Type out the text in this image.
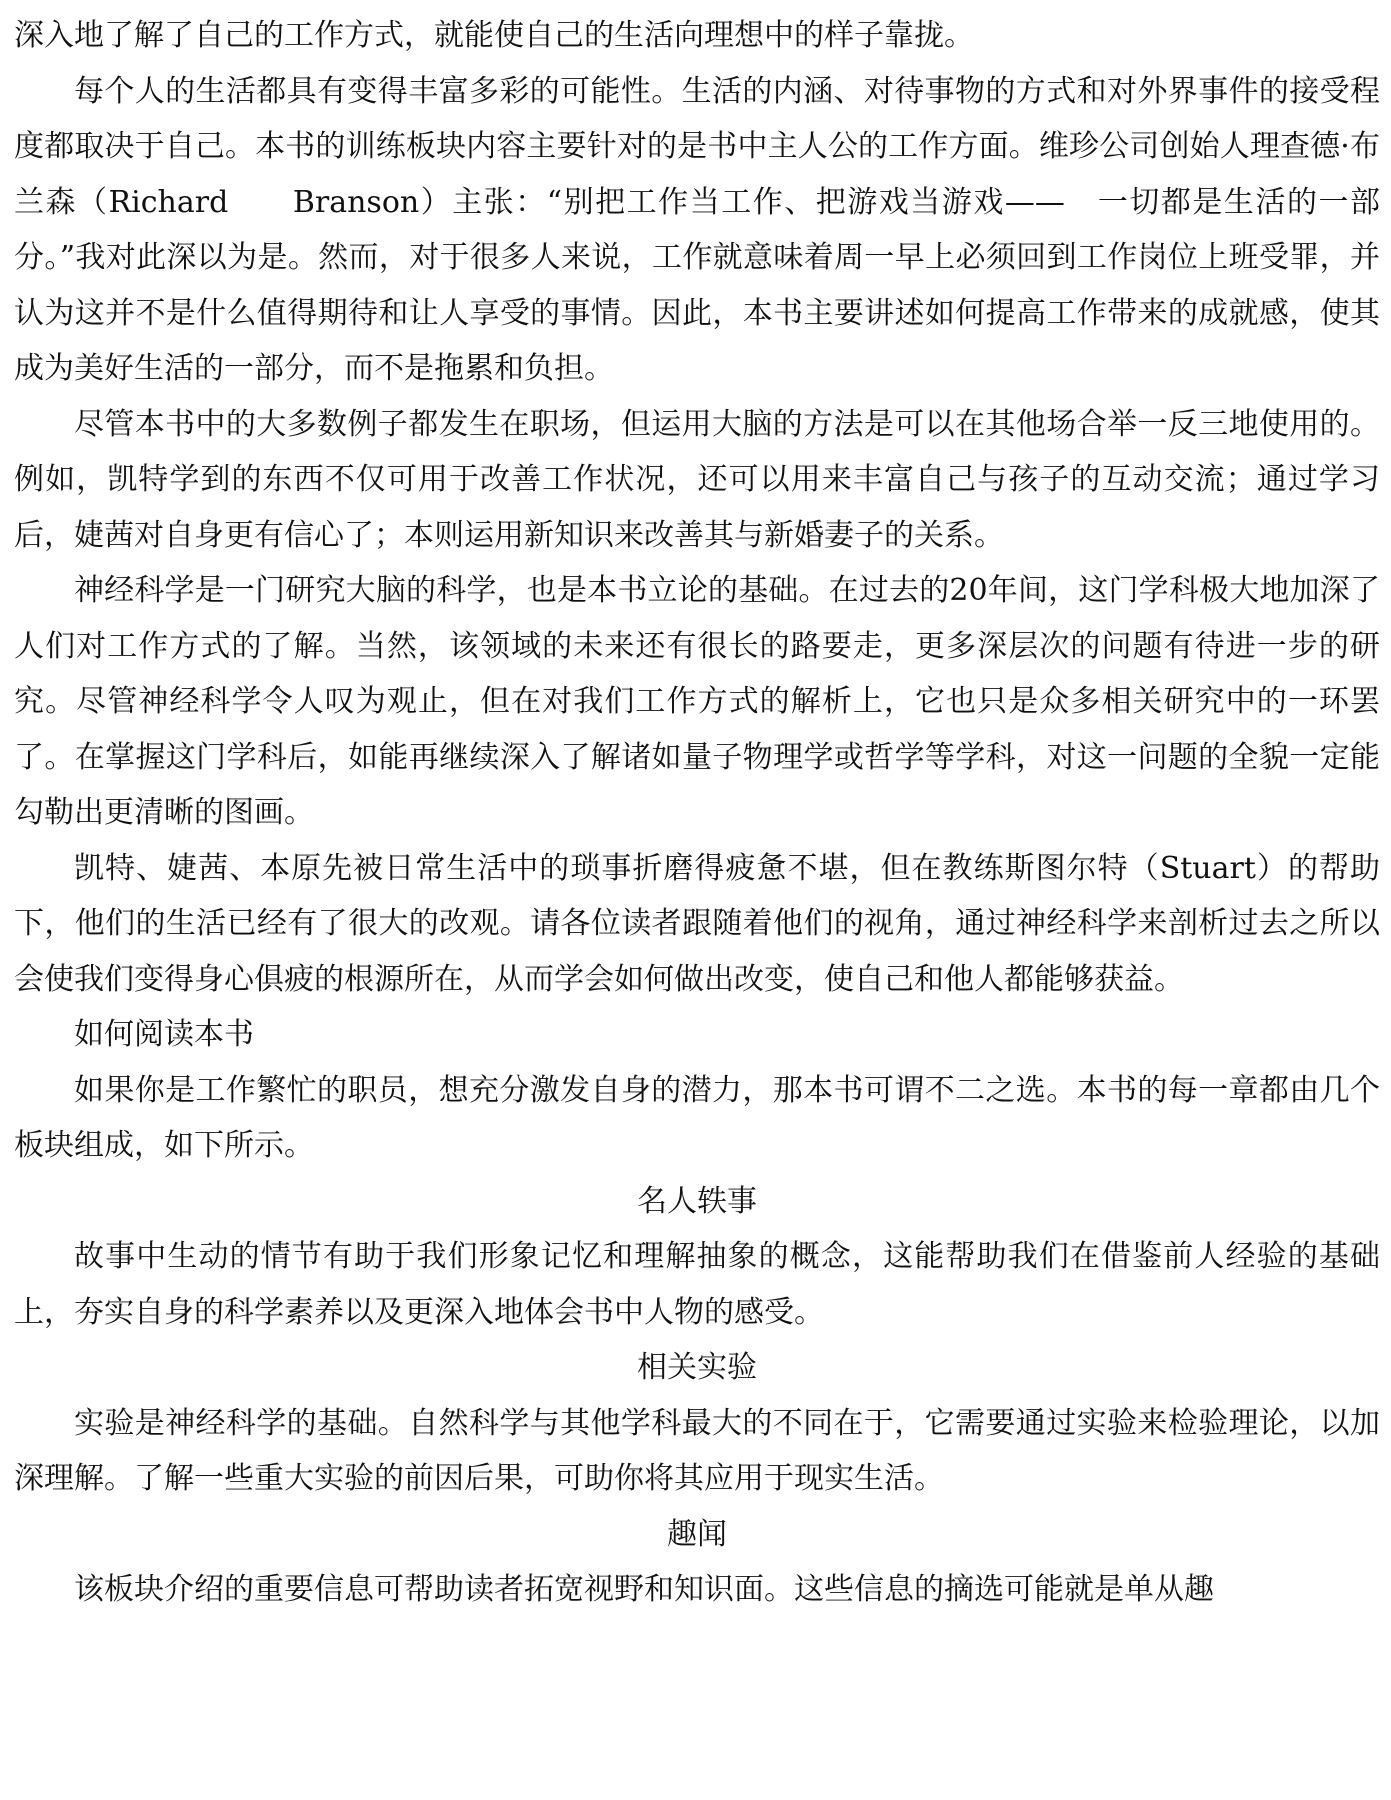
深入地了解了自己的工作方式，就能使自己的生活向理想中的样子靠拢。

每个人的生活都具有变得丰富多彩的可能性。生活的内涵、对待事物的方式和对外界事件的接受程度都取决于自己。本书的训练板块内容主要针对的是书中主人公的工作方面。维珍公司创始人理查德·布兰森（Richard　　Branson）主张：“别把工作当工作、把游戏当游戏——　一切都是生活的一部分。”我对此深以为是。然而，对于很多人来说，工作就意味着周一早上必须回到工作岗位上班受罪，并认为这并不是什么值得期待和让人享受的事情。因此，本书主要讲述如何提高工作带来的成就感，使其成为美好生活的一部分，而不是拖累和负担。

尽管本书中的大多数例子都发生在职场，但运用大脑的方法是可以在其他场合举一反三地使用的。例如，凯特学到的东西不仅可用于改善工作状况，还可以用来丰富自己与孩子的互动交流；通过学习后，婕茜对自身更有信心了；本则运用新知识来改善其与新婚妻子的关系。

神经科学是一门研究大脑的科学，也是本书立论的基础。在过去的20年间，这门学科极大地加深了人们对工作方式的了解。当然，该领域的未来还有很长的路要走，更多深层次的问题有待进一步的研究。尽管神经科学令人叹为观止，但在对我们工作方式的解析上，它也只是众多相关研究中的一环罢了。在掌握这门学科后，如能再继续深入了解诸如量子物理学或哲学等学科，对这一问题的全貌一定能勾勒出更清晰的图画。

凯特、婕茜、本原先被日常生活中的琐事折磨得疲惫不堪，但在教练斯图尔特（Stuart）的帮助下，他们的生活已经有了很大的改观。请各位读者跟随着他们的视角，通过神经科学来剖析过去之所以会使我们变得身心俱疲的根源所在，从而学会如何做出改变，使自己和他人都能够获益。

如何阅读本书

如果你是工作繁忙的职员，想充分激发自身的潜力，那本书可谓不二之选。本书的每一章都由几个板块组成，如下所示。

名人轶事

故事中生动的情节有助于我们形象记忆和理解抽象的概念，这能帮助我们在借鉴前人经验的基础上，夯实自身的科学素养以及更深入地体会书中人物的感受。

相关实验

实验是神经科学的基础。自然科学与其他学科最大的不同在于，它需要通过实验来检验理论，以加深理解。了解一些重大实验的前因后果，可助你将其应用于现实生活。

趣闻

该板块介绍的重要信息可帮助读者拓宽视野和知识面。这些信息的摘选可能就是单从趣
